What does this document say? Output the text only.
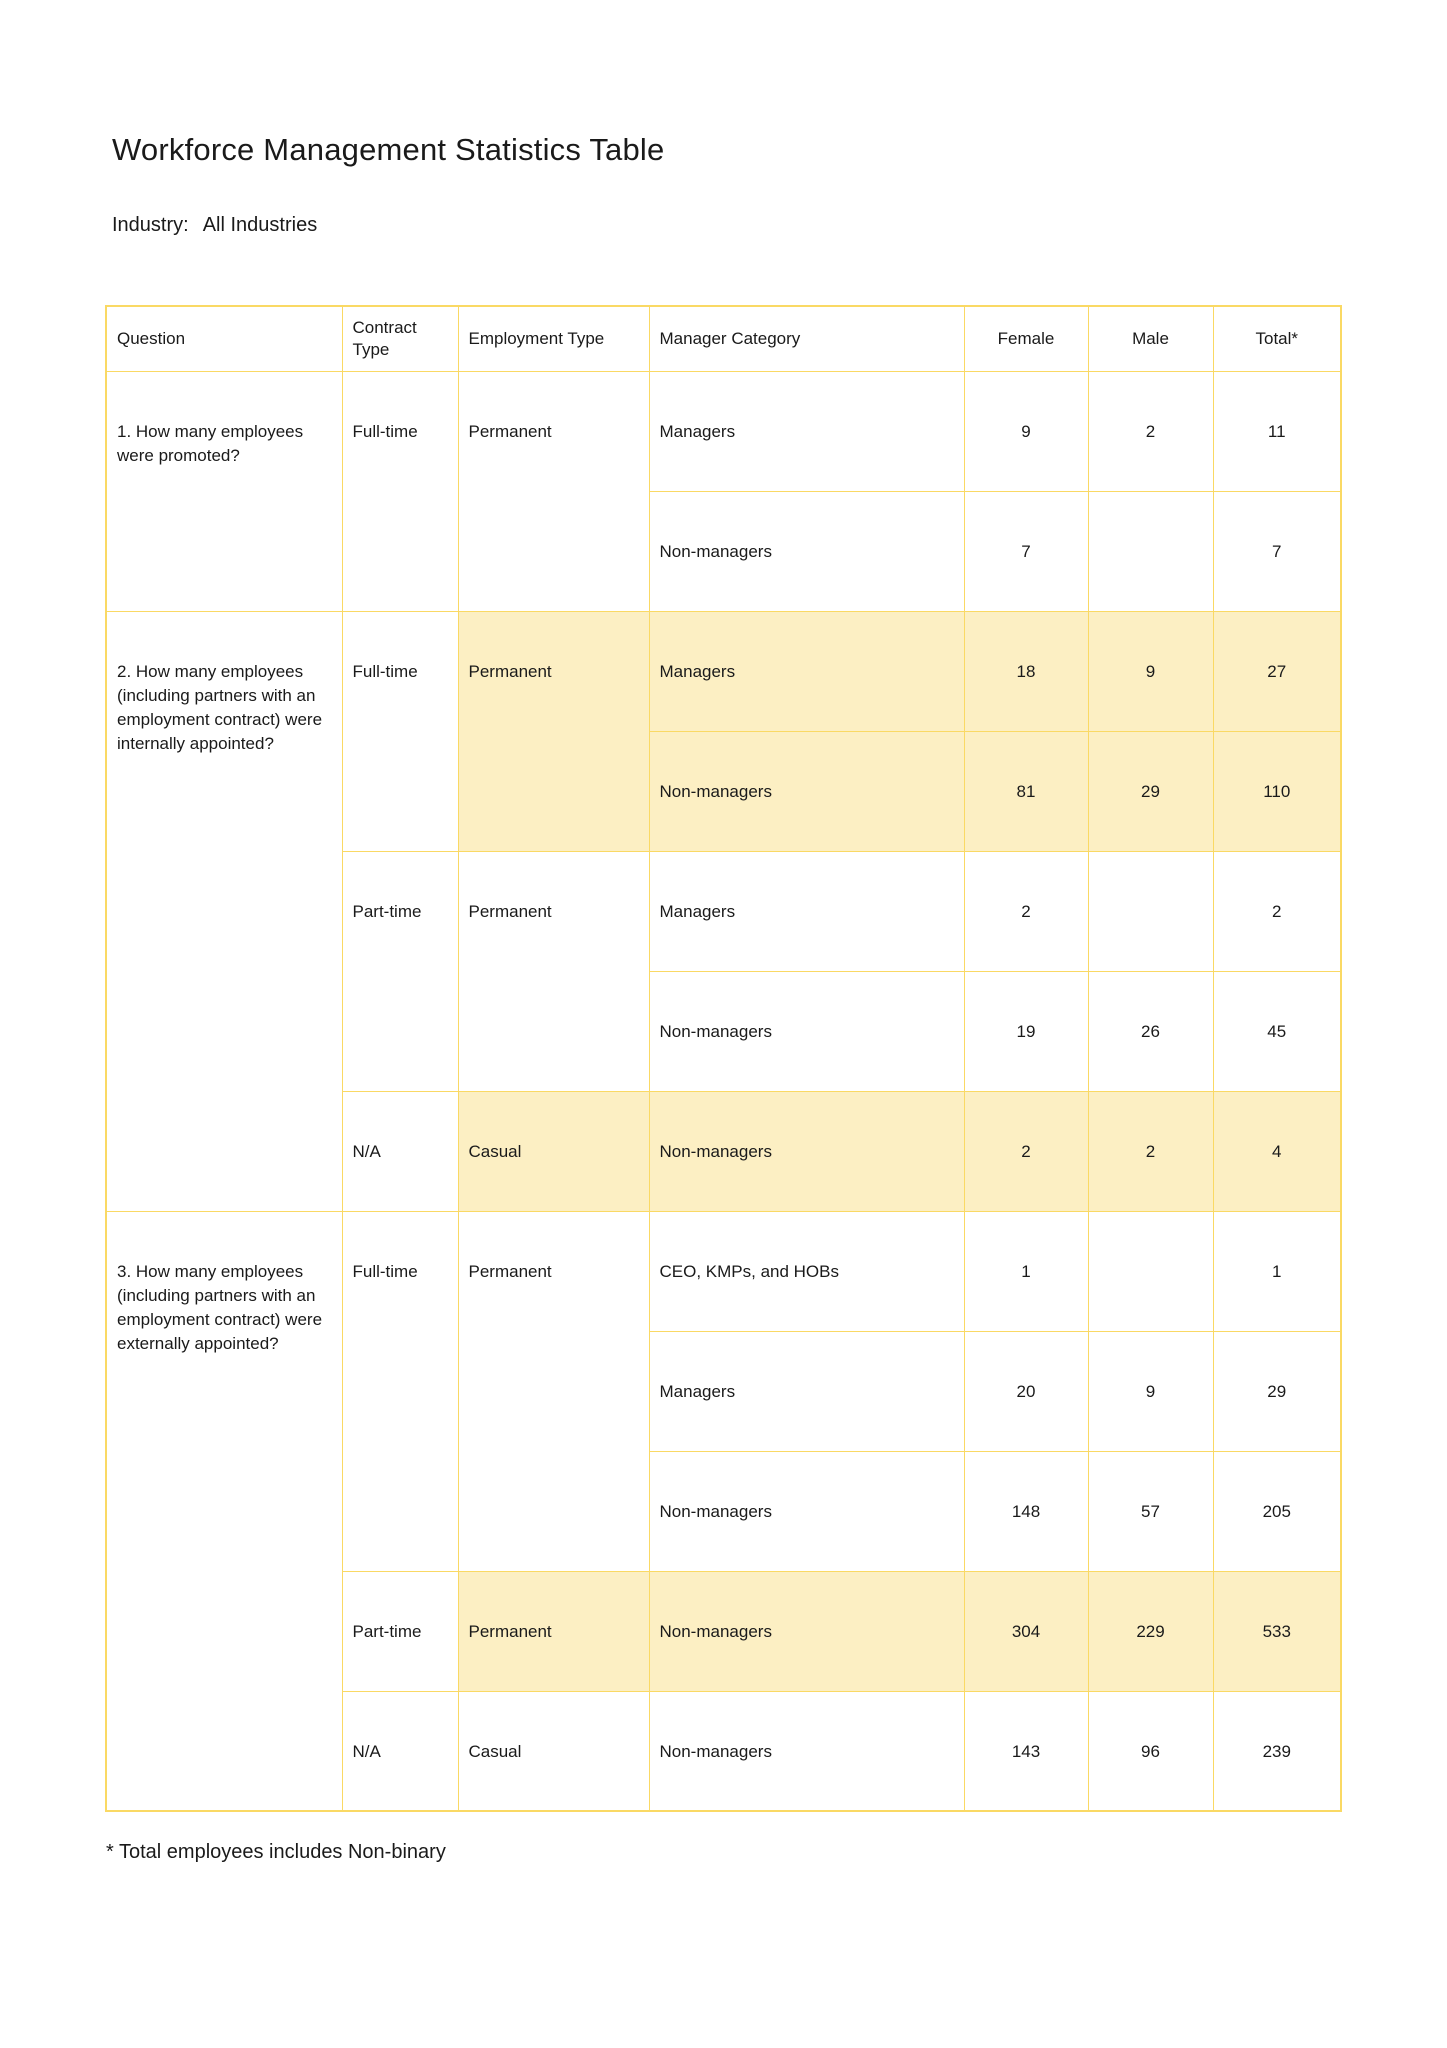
Workforce Management Statistics Table

Industry: All Industries

Question	Contract Type	Employment Type	Manager Category	Female	Male	Total*
1. How many employees were promoted?	Full-time	Permanent	Managers	9	2	11
			Non-managers	7		7
2. How many employees (including partners with an employment contract) were internally appointed?	Full-time	Permanent	Managers	18	9	27
			Non-managers	81	29	110
	Part-time	Permanent	Managers	2		2
			Non-managers	19	26	45
	N/A	Casual	Non-managers	2	2	4
3. How many employees (including partners with an employment contract) were externally appointed?	Full-time	Permanent	CEO, KMPs, and HOBs	1		1
			Managers	20	9	29
			Non-managers	148	57	205
	Part-time	Permanent	Non-managers	304	229	533
	N/A	Casual	Non-managers	143	96	239

* Total employees includes Non-binary
